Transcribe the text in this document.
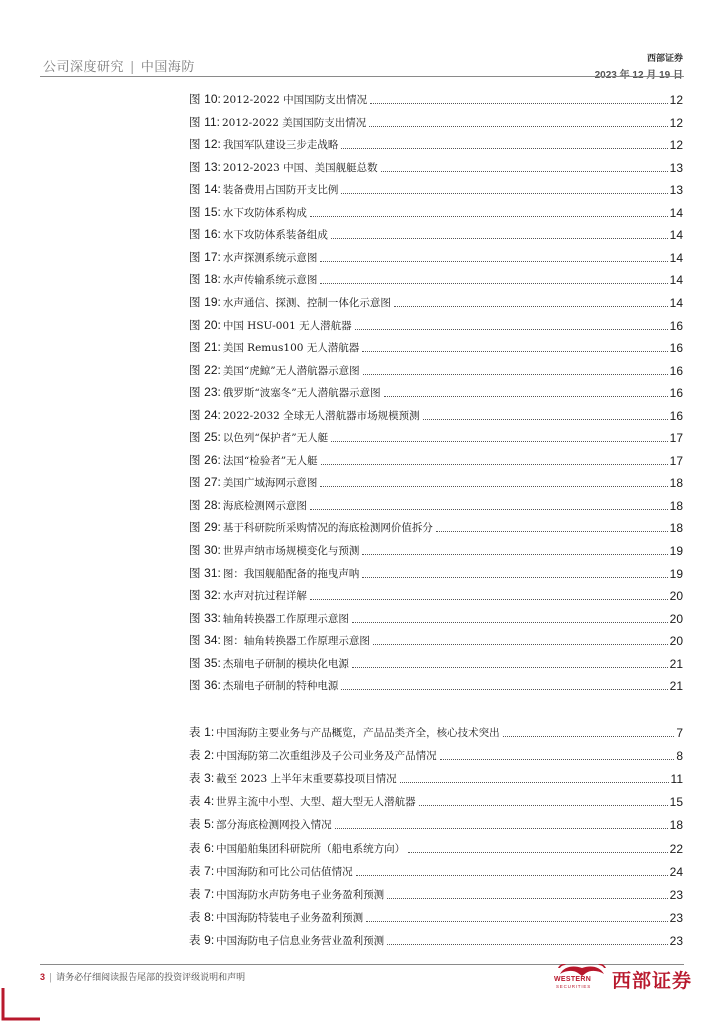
公司深度研究 | 中国海防
西部证券
图 10: 2012-2022 中国国防支出情况	12
图 11: 2012-2022 美国国防支出情况	12
图 12: 我国军队建设三步走战略	12
图 13: 2012-2023 中国、美国舰艇总数	13
图 14: 装备费用占国防开支比例	13
图 15: 水下攻防体系构成	14
图 16: 水下攻防体系装备组成	14
图 17: 水声探测系统示意图	14
图 18: 水声传输系统示意图	14
图 19: 水声通信、探测、控制一体化示意图	14
图 20: 中国 HSU-001 无人潜航器	16
图 21: 美国 Remus100 无人潜航器	16
图 22: 美国“虎鲸”无人潜航器示意图	16
图 23: 俄罗斯“波塞冬”无人潜航器示意图	16
图 24: 2022-2032 全球无人潜航器市场规模预测	16
图 25: 以色列“保护者”无人艇	17
图 26: 法国“检验者”无人艇	17
图 27: 美国广域海网示意图	18
图 28: 海底检测网示意图	18
图 29: 基于科研院所采购情况的海底检测网价值拆分	18
图 30: 世界声纳市场规模变化与预测	19
图 31: 图：我国舰船配备的拖曳声呐	19
图 32: 水声对抗过程详解	20
图 33: 轴角转换器工作原理示意图	20
图 34: 图：轴角转换器工作原理示意图	20
图 35: 杰瑞电子研制的模块化电源	21
图 36: 杰瑞电子研制的特种电源	21
表 1: 中国海防主要业务与产品概览，产品品类齐全，核心技术突出	7
表 2: 中国海防第二次重组涉及子公司业务及产品情况	8
表 3: 截至 2023 上半年末重要募投项目情况	11
表 4: 世界主流中小型、大型、超大型无人潜航器	15
表 5: 部分海底检测网投入情况	18
表 6: 中国船舶集团科研院所（船电系统方向）	22
表 7: 中国海防和可比公司估值情况	24
表 7: 中国海防水声防务电子业务盈利预测	23
表 8: 中国海防特装电子业务盈利预测	23
表 9: 中国海防电子信息业务营业盈利预测	23
3 | 请务必仔细阅读报告尾部的投资评级说明和声明	WESTERN
SECURITIES 西部证券
